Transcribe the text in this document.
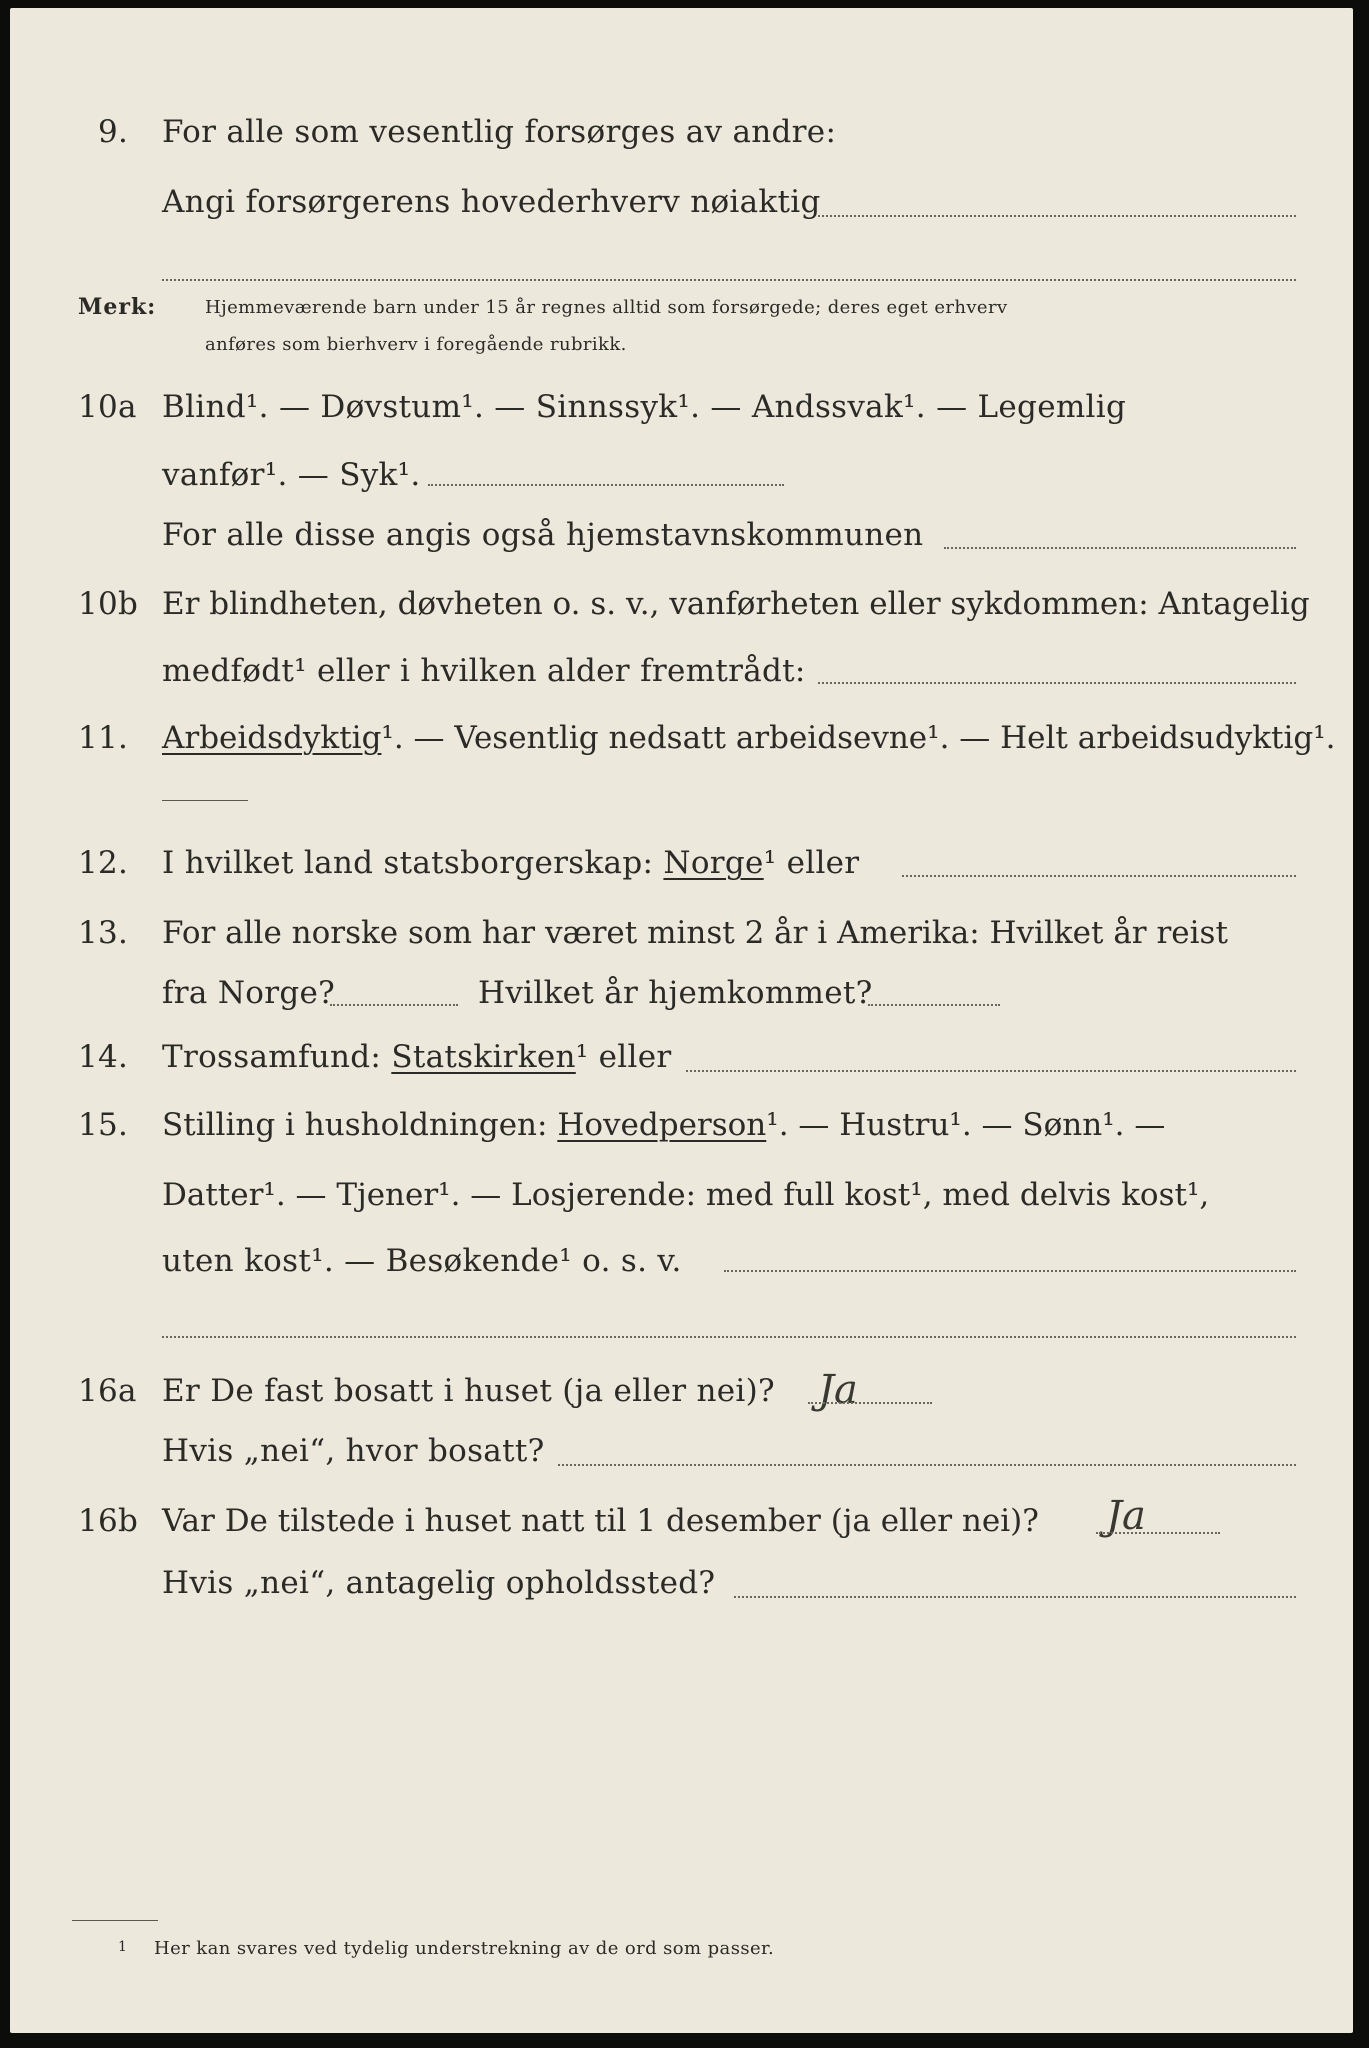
9. For alle som vesentlig forsørges av andre:
Angi forsørgerens hovederhverv nøiaktig
Merk:	Hjemmeværende barn under 15 år regnes alltid som forsørgede; deres eget erhverv
anføres som bierhverv i foregående rubrikk.
10a Blind¹. — Døvstum¹. — Sinnssyk¹. — Andssvak¹. — Legemlig
vanfør¹. — Syk¹.
For alle disse angis også hjemstavnskommunen
10b Er blindheten, døvheten o. s. v., vanførheten eller sykdommen: Antagelig
medfødt¹ eller i hvilken alder fremtrådt:
11. Arbeidsdyktig¹. — Vesentlig nedsatt arbeidsevne¹. — Helt arbeidsudyktig¹.
12. I hvilket land statsborgerskap: Norge¹ eller
13. For alle norske som har været minst 2 år i Amerika: Hvilket år reist
fra Norge?	Hvilket år hjemkommet?
14. Trossamfund: Statskirken¹ eller
15. Stilling i husholdningen: Hovedperson¹. — Hustru¹. — Sønn¹. —
Datter¹. — Tjener¹. — Losjerende: med full kost¹, med delvis kost¹,
uten kost¹. — Besøkende¹ o. s. v.
16a Er De fast bosatt i huset (ja eller nei)? Ja
Hvis „nei“, hvor bosatt?
16b Var De tilstede i huset natt til 1 desember (ja eller nei)? Ja
Hvis „nei“, antagelig opholdssted?
1 Her kan svares ved tydelig understrekning av de ord som passer.
